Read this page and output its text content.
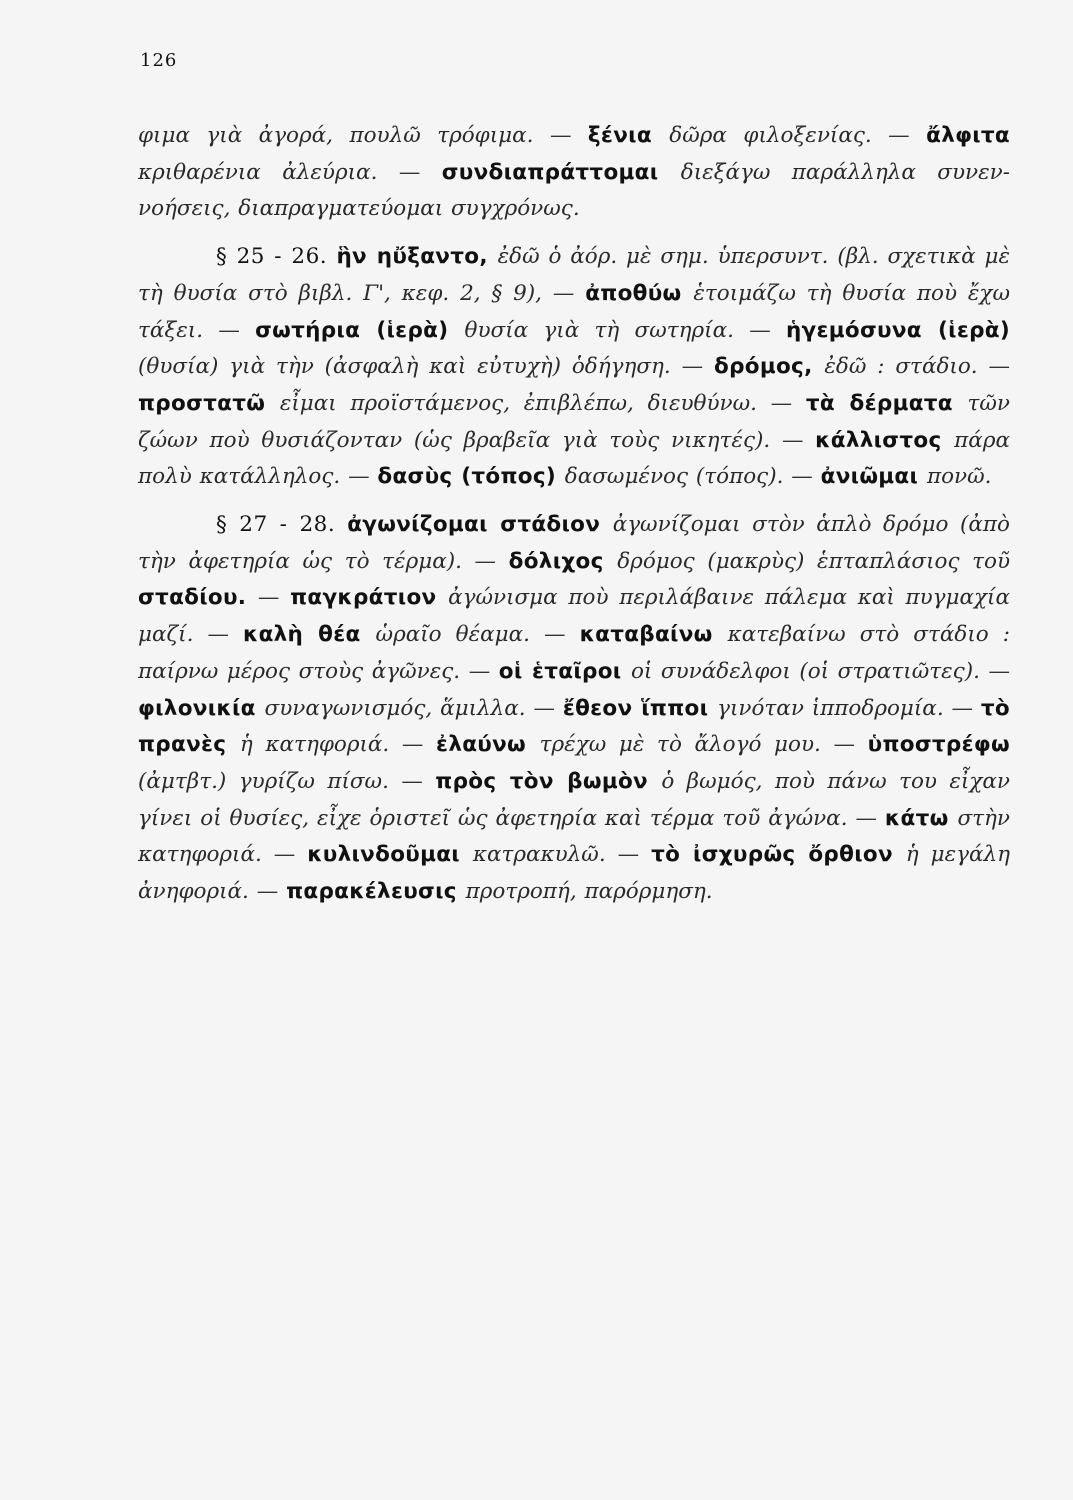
126

φιμα γιὰ ἀγορά, πουλῶ τρόφιμα. — ξένια δῶρα φιλοξενίας. — ἄλφιτα κριθαρένια ἀλεύρια. — συνδιαπράττομαι διεξάγω παράλληλα συνεννοήσεις, διαπραγματεύομαι συγχρόνως.

§ 25 - 26. ἣν ηὔξαντο, ἐδῶ ὁ ἀόρ. μὲ σημ. ὑπερσυντ. (βλ. σχετικὰ μὲ τὴ θυσία στὸ βιβλ. Γ', κεφ. 2, § 9), — ἀποθύω ἑτοιμάζω τὴ θυσία ποὺ ἔχω τάξει. — σωτήρια (ἱερὰ) θυσία γιὰ τὴ σωτηρία. — ἡγεμόσυνα (ἱερὰ) (θυσία) γιὰ τὴν (ἀσφαλὴ καὶ εὐτυχὴ) ὁδήγηση. — δρόμος, ἐδῶ : στάδιο. — προστατῶ εἶμαι προϊστάμενος, ἐπιβλέπω, διευθύνω. — τὰ δέρματα τῶν ζώων ποὺ θυσιάζονταν (ὡς βραβεῖα γιὰ τοὺς νικητές). — κάλλιστος πάρα πολὺ κατάλληλος. — δασὺς (τόπος) δασωμένος (τόπος). — ἀνιῶμαι πονῶ.

§ 27 - 28. ἀγωνίζομαι στάδιον ἀγωνίζομαι στὸν ἁπλὸ δρόμο (ἀπὸ τὴν ἀφετηρία ὡς τὸ τέρμα). — δόλιχος δρόμος (μακρὺς) ἑπταπλάσιος τοῦ σταδίου. — παγκράτιον ἀγώνισμα ποὺ περιλάβαινε πάλεμα καὶ πυγμαχία μαζί. — καλὴ θέα ὡραῖο θέαμα. — καταβαίνω κατεβαίνω στὸ στάδιο : παίρνω μέρος στοὺς ἀγῶνες. — οἱ ἑταῖροι οἱ συνάδελφοι (οἱ στρατιῶτες). — φιλονικία συναγωνισμός, ἅμιλλα. — ἔθεον ἵπποι γινόταν ἱπποδρομία. — τὸ πρανὲς ἡ κατηφοριά. — ἐλαύνω τρέχω μὲ τὸ ἄλογό μου. — ὑποστρέφω (ἀμτβτ.) γυρίζω πίσω. — πρὸς τὸν βωμὸν ὁ βωμός, ποὺ πάνω του εἶχαν γίνει οἱ θυσίες, εἶχε ὁριστεῖ ὡς ἀφετηρία καὶ τέρμα τοῦ ἀγώνα. — κάτω στὴν κατηφοριά. — κυλινδοῦμαι κατρακυλῶ. — τὸ ἰσχυρῶς ὄρθιον ἡ μεγάλη ἀνηφοριά. — παρακέλευσις προτροπή, παρόρμηση.
